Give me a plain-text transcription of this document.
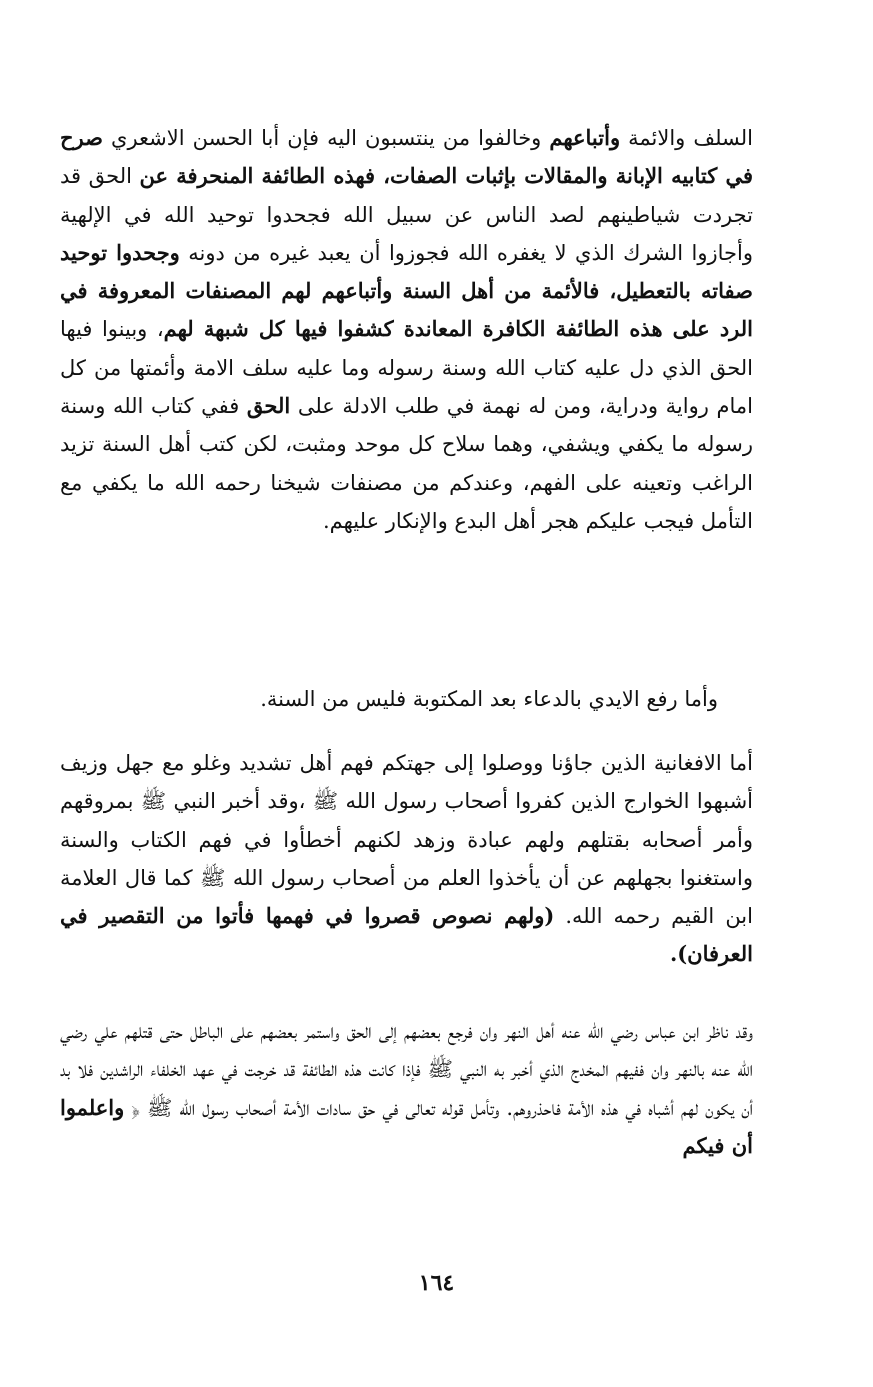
السلف والائمة وأتباعهم وخالفوا من ينتسبون اليه فإن أبا الحسن الاشعري صرح في كتابيه الإبانة والمقالات بإثبات الصفات، فهذه الطائفة المنحرفة عن الحق قد تجردت شياطينهم لصد الناس عن سبيل الله فجحدوا توحيد الله في الإلهية وأجازوا الشرك الذي لا يغفره الله فجوزوا أن يعبد غيره من دونه وجحدوا توحيد صفاته بالتعطيل، فالأئمة من أهل السنة وأتباعهم لهم المصنفات المعروفة في الرد على هذه الطائفة الكافرة المعاندة كشفوا فيها كل شبهة لهم، وبينوا فيها الحق الذي دل عليه كتاب الله وسنة رسوله وما عليه سلف الامة وأئمتها من كل امام رواية ودراية، ومن له نهمة في طلب الادلة على الحق ففي كتاب الله وسنة رسوله ما يكفي ويشفي، وهما سلاح كل موحد ومثبت، لكن كتب أهل السنة تزيد الراغب وتعينه على الفهم، وعندكم من مصنفات شيخنا رحمه الله ما يكفي مع التأمل فيجب عليكم هجر أهل البدع والإنكار عليهم.
وأما رفع الايدي بالدعاء بعد المكتوبة فليس من السنة.
أما الافغانية الذين جاؤنا ووصلوا إلى جهتكم فهم أهل تشديد وغلو مع جهل وزيف أشبهوا الخوارج الذين كفروا أصحاب رسول الله ﷺ ،وقد أخبر النبي ﷺ بمروقهم وأمر أصحابه بقتلهم ولهم عبادة وزهد لكنهم أخطأوا في فهم الكتاب والسنة واستغنوا بجهلهم عن أن يأخذوا العلم من أصحاب رسول الله ﷺ كما قال العلامة ابن القيم رحمه الله. (ولهم نصوص قصروا في فهمها فأتوا من التقصير في العرفان).
وقد ناظر ابن عباس رضي الله عنه أهل النهر وان فرجع بعضهم إلى الحق واستمر بعضهم على الباطل حتى قتلهم علي رضي الله عنه بالنهر وان ففيهم المخدج الذي أخبر به النبي ﷺ فإذا كانت هذه الطائفة قد خرجت في عهد الخلفاء الراشدين فلا بد أن يكون لهم أشباه في هذه الأمة فاحذروهم. وتأمل قوله تعالى في حق سادات الأمة أصحاب رسول الله ﷺ ﴿ واعلموا أن فيكم
١٦٤
